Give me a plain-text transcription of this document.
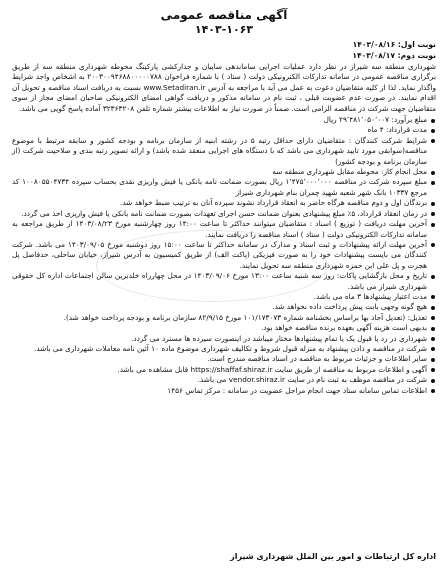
آگهی مناقصه عمومی
۱۴۰۳-۱۰۶۳
نوبت اول: ۱۴۰۳/۰۸/۱۶
نوبت دوم: ۱۴۰۳/۰۸/۱۷
شهرداری منطقه سه شیراز در نظر دارد عملیات اجرایی ساماندهی سایبان و جدارکشی پارکینگ محوطه شهرداری منطقه سه از طریق برگزاری مناقصه عمومی در سامانه تدارکات الکترونیکی دولت ( ستاد ) با شماره فراخوان ۲۰۰۳۰۰۹۴۶۸۸۰۰۰۰۰۷۸۸ به اشخاص واجد شرایط واگذار نماید. لذا از کلیه متقاضیان دعوت به عمل می آید با مراجعه به آدرس www.Setadiran.ir نسبت به دریافت اسناد مناقصه و تحویل آن اقدام نمایند. در صورت عدم عضویت قبلی ، ثبت نام در سامانه مذکور و دریافت گواهی امضای الکترونیکی صاحبان امضای مجاز از سوی متقاضیان جهت شرکت در مناقصه الزامی است. ضمناً در صورت نیاز به اطلاعات بیشتر شماره تلفن ۳۲۳۶۳۲۰۸ آماده پاسخ گویی می باشد.
مبلغ برآورد: ۲۹٬۴۸۱٬۰۵۰٬۰۰۷ ریال
مدت قرارداد: ۴ ماه
شرایط شرکت کنندگان : متقاضیان دارای حداقل رتبه ۵ در رشته ابنیه از سازمان برنامه و بودجه کشور و سابقه مرتبط با موضوع مناقصه(سوابقی مورد تایید شهرداری می باشد که با دستگاه های اجرایی منعقد شده باشد) و ارائه تصویر رتبه بندی و صلاحیت شرکت (از سازمان برنامه و بودجه کشور)
محل انجام کار: محوطه مقابل شهرداری منطقه سه
مبلغ سپرده شرکت در مناقصه ۱٬۴۷۵٬۰۰۰٬۰۰۰ ریال بصورت ضمانت نامه بانکی یا فیش واریزی نقدی بحساب سپرده ۱۰۰۸۰۵۵۰۴۷۳۴ کد مرجع ۱۰۳۳۷ بانک شهر شعبه شهید چمران بنام شهرداری شیراز
برندگان اول و دوم مناقصه هرگاه حاضر به انعقاد قرارداد نشوند سپرده آنان به ترتیب ضبط خواهد شد.
در زمان انعقاد قرارداد، ۵٪ مبلغ پیشنهادی بعنوان ضمانت حسن اجرای تعهدات بصورت ضمانت نامه بانکی یا فیش واریزی اخذ می گردد.
آخرین مهلت دریافت ( توزیع ) اسناد : متقاضیان میتوانند حداکثر تا ساعت ۱۴:۰۰ روز چهارشنبه مورخ ۱۴۰۳/۰۸/۲۳ از طریق مراجعه به سامانه تدارکات الکترونیکی دولت ( ستاد ) اسناد مناقصه را دریافت نمایند.
آخرین مهلت ارائه پیشنهادات و ثبت اسناد و مدارک در سامانه حداکثر تا ساعت ۱۵:۰۰ روز دوشنبه مورخ ۱۴۰۳/۰۹/۰۵ می باشد. شرکت کنندگان می بایست پیشنهادات خود را به صورت فیزیکی (پاکت الف) از طریق کمیسیون به آدرس شیراز، خیابان ساحلی، حدفاصل پل هجرت و پل علی ابن حمزه شهرداری منطقه سه تحویل نمایند.
تاریخ و محل بازگشایی پاکات: روز سه شنبه ساعت ۱۳:۰۰ مورخ ۱۴۰۳/۰۹/۰۶ در محل چهارراه خلدبرین سالن اجتماعات اداره کل حقوقی شهرداری شیراز می باشد.
مدت اعتبار پیشنهادها ۳ ماه می باشد.
هیچ گونه وجهی بابت پیش پرداخت داده نخواهد شد.
تعدیل: (تعدیل آحاد بها براساس بخشنامه شماره ۱۰۱/۱۷۳۰۷۳ مورخ ۸۲/۹/۱۵ سازمان برنامه و بودجه پرداخت خواهد شد).
بدیهی است هزینه آگهی بعهده برنده مناقصه خواهد بود.
شهرداری در رد یا قبول یک یا تمام پیشنهادها مختار میباشد در اینصورت سپرده ها مسترد می گردد.
شرکت در مناقصه و دادن پیشنهاد به منزله قبول شروط و تکالیف شهرداری موضوع ماده ۱۰ آئین نامه معاملات شهرداری می باشد.
سایر اطلاعات و جزئیات مربوط به مناقصه در اسناد مناقصه مندرج است.
آگهی و اطلاعات مربوط به مناقصه از طریق سایت https://shaffaf.shiraz.ir قابل مشاهده می باشد.
شرکت در مناقصه موظف به ثبت نام در سایت vendor.shiraz.ir می باشد.
اطلاعات تماس سامانه ستاد جهت انجام مراحل عضویت در سامانه : مرکز تماس ۱۴۵۶
اداره کل ارتباطات و امور بین الملل شهرداری شیراز
